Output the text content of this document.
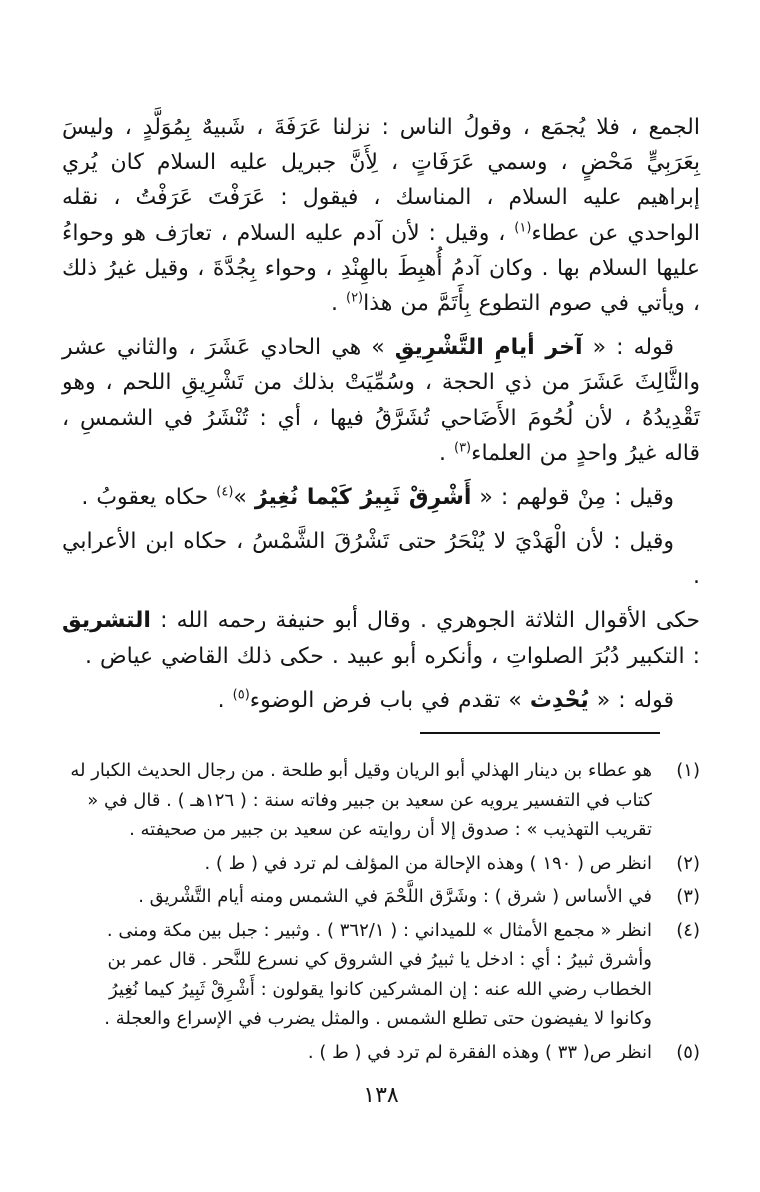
الجمع ، فلا يُجمَع ، وقولُ الناس : نزلنا عَرَفَةَ ، شَبيهٌ بِمُوَلَّدٍ ، وليسَ بِعَرَبِيٍّ مَحْضٍ ، وسمي عَرَفَاتٍ ، لِأَنَّ جبريل عليه السلام كان يُري إبراهيم عليه السلام ، المناسك ، فيقول : عَرَفْتَ عَرَفْتُ ، نقله الواحدي عن عطاء$^{(١)}$ ، وقيل : لأن آدم عليه السلام ، تعارَف هو وحواءُ عليها السلام بها . وكان آدمُ أُهبِطَ بالهِنْدِ ، وحواء بِجُدَّةَ ، وقيل غيرُ ذلك ، ويأتي في صوم التطوع بِأَتَمَّ من هذا$^{(٢)}$ .

قوله : « آخر أيامِ التَّشْرِيقِ » هي الحادي عَشَرَ ، والثاني عشر والثَّالِثَ عَشَرَ من ذي الحجة ، وسُمِّيَتْ بذلك من تَشْرِيقِ اللحم ، وهو تَقْدِيدُهُ ، لأن لُحُومَ الأَضَاحي تُشَرَّقُ فيها ، أي : تُنْشَرُ في الشمسِ ، قاله غيرُ واحدٍ من العلماء$^{(٣)}$ .

وقيل : مِنْ قولهم : « أَشْرِقْ ثَبِيرُ كَيْما نُغِيرُ »$^{(٤)}$ حكاه يعقوبُ .

وقيل : لأن الْهَدْيَ لا يُنْحَرُ حتى تَشْرُقَ الشَّمْسُ ، حكاه ابن الأعرابي .

حكى الأقوال الثلاثة الجوهري . وقال أبو حنيفة رحمه الله : التشريق : التكبير دُبُرَ الصلواتِ ، وأنكره أبو عبيد . حكى ذلك القاضي عياض .

قوله : « يُحْدِث » تقدم في باب فرض الوضوء$^{(٥)}$ .

(١)
هو عطاء بن دينار الهذلي أبو الريان وقيل أبو طلحة . من رجال الحديث الكبار له كتاب في التفسير يرويه عن سعيد بن جبير وفاته سنة : ( ١٢٦هـ ) . قال في « تقريب التهذيب » : صدوق إلا أن روايته عن سعيد بن جبير من صحيفته .
(٢)
انظر ص ( ١٩٠ ) وهذه الإحالة من المؤلف لم ترد في ( ط ) .
(٣)
في الأساس ( شرق ) : وشَرَّق اللَّحْمَ في الشمس ومنه أيام التَّشْريق .
(٤)
انظر « مجمع الأمثال » للميداني : ( ٣٦٢/١ ) . وثبير : جبل بين مكة ومنى . وأشرق ثبيرُ : أي : ادخل يا ثبيرُ في الشروق كي نسرع للنَّحر . قال عمر بن الخطاب رضي الله عنه : إن المشركين كانوا يقولون : أَشْرِقْ ثَبِيرُ كيما نُغِيرُ وكانوا لا يفيضون حتى تطلع الشمس . والمثل يضرب في الإسراع والعجلة .
(٥)
انظر ص( ٣٣ ) وهذه الفقرة لم ترد في ( ط ) .
١٣٨
